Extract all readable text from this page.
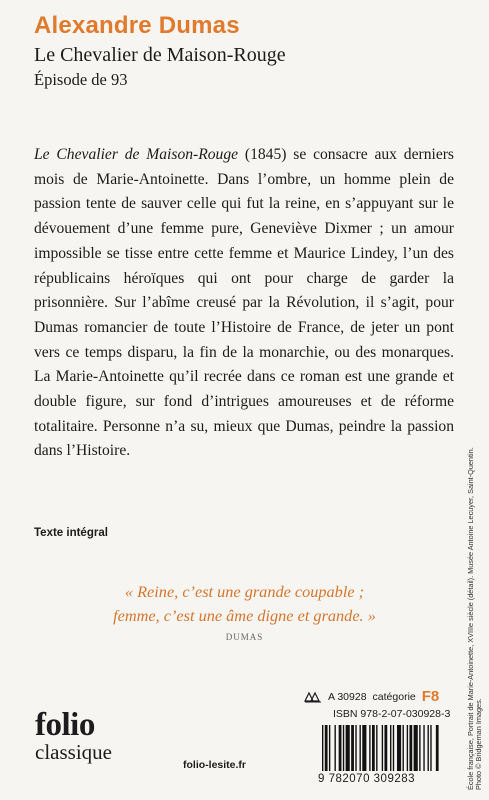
Alexandre Dumas
Le Chevalier de Maison-Rouge
Épisode de 93

Le Chevalier de Maison-Rouge (1845) se consacre aux derniers mois de Marie-Antoinette. Dans l’ombre, un homme plein de passion tente de sauver celle qui fut la reine, en s’appuyant sur le dévouement d’une femme pure, Geneviève Dixmer ; un amour impossible se tisse entre cette femme et Maurice Lindey, l’un des républicains héroïques qui ont pour charge de garder la prisonnière. Sur l’abîme creusé par la Révolution, il s’agit, pour Dumas romancier de toute l’Histoire de France, de jeter un pont vers ce temps disparu, la fin de la monarchie, ou des monarques. La Marie-Antoinette qu’il recrée dans ce roman est une grande et double figure, sur fond d’intrigues amoureuses et de réforme totalitaire. Personne n’a su, mieux que Dumas, peindre la passion dans l’Histoire.

Texte intégral
« Reine, c’est une grande coupable ;
femme, c’est une âme digne et grande. »
DUMAS
folio
classique
folio-lesite.fr
A 30928 catégorie F8
ISBN 978-2-07-030928-3
9 782070 309283	École française, Portrait de Marie-Antoinette, XVIIIe siècle (détail). Musée Antoine Lecuyer, Saint-Quentin.
Photo © Bridgeman Images.
